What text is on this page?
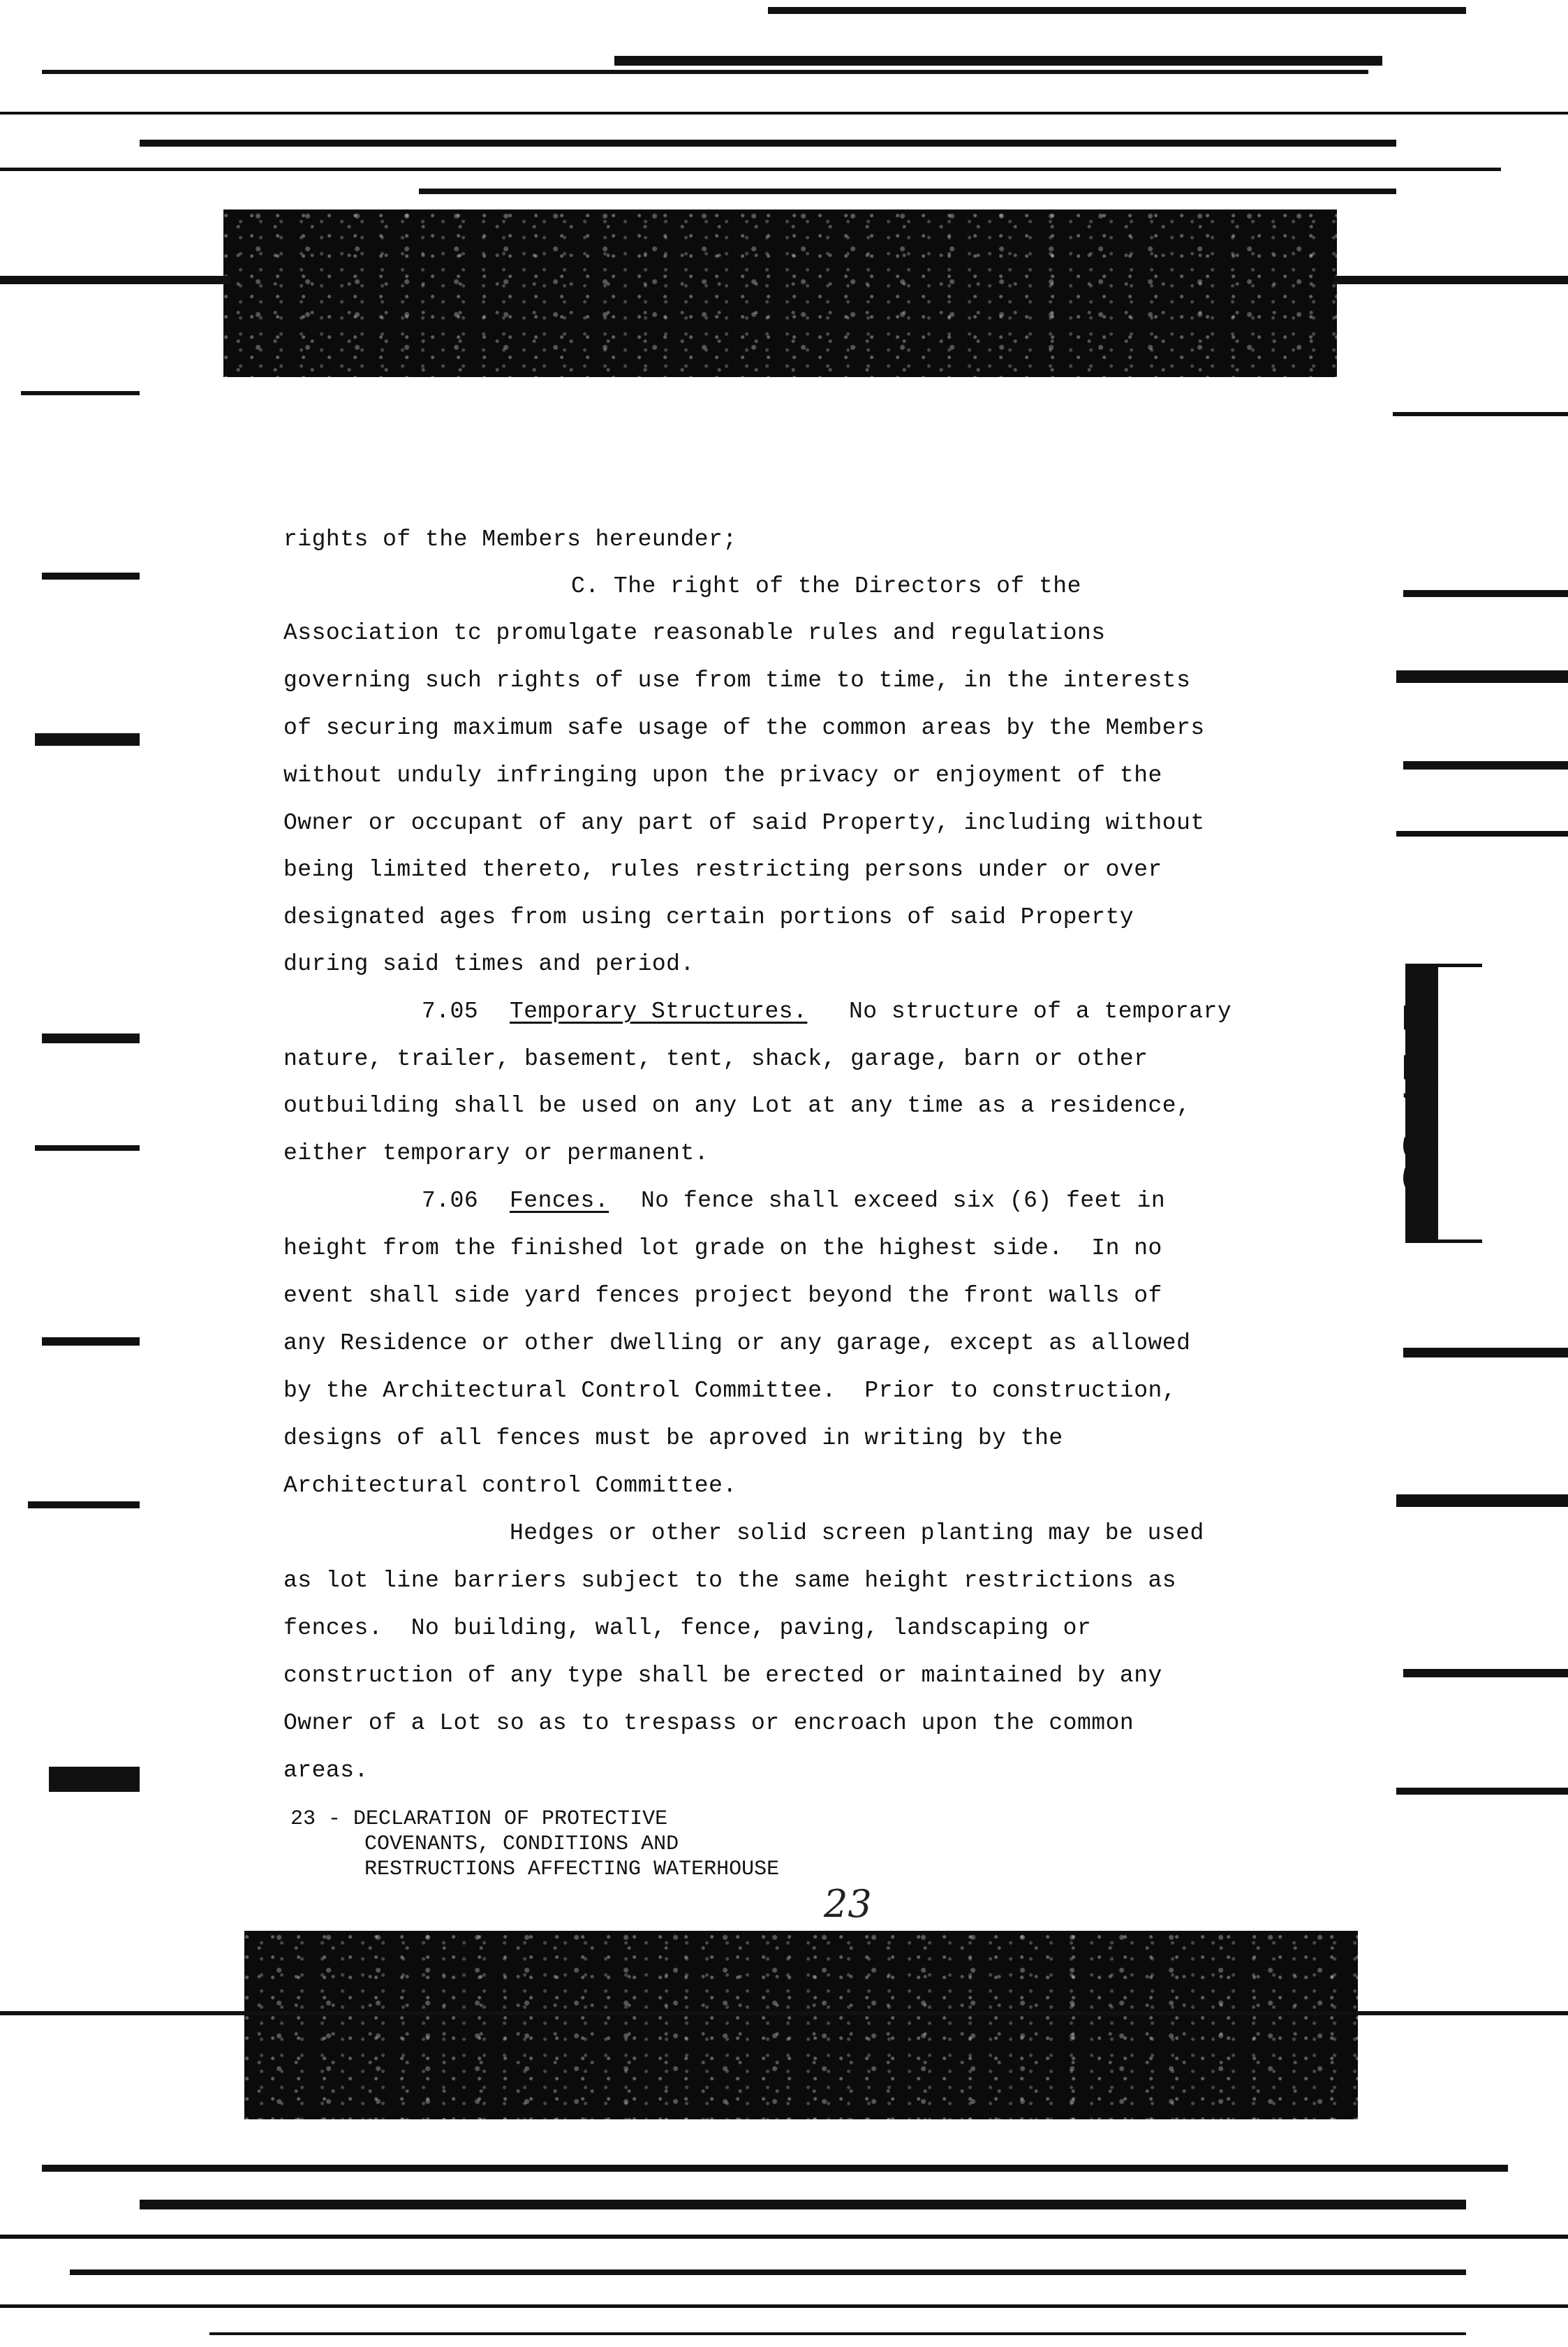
2-27-95
rights of the Members hereunder;
C. The right of the Directors of the
Association tc promulgate reasonable rules and regulations
governing such rights of use from time to time, in the interests
of securing maximum safe usage of the common areas by the Members
without unduly infringing upon the privacy or enjoyment of the
Owner or occupant of any part of said Property, including without
being limited thereto, rules restricting persons under or over
designated ages from using certain portions of said Property
during said times and period.
7.05 Temporary Structures. No structure of a temporary
nature, trailer, basement, tent, shack, garage, barn or other
outbuilding shall be used on any Lot at any time as a residence,
either temporary or permanent.
7.06 Fences. No fence shall exceed six (6) feet in
height from the finished lot grade on the highest side.  In no
event shall side yard fences project beyond the front walls of
any Residence or other dwelling or any garage, except as allowed
by the Architectural Control Committee.  Prior to construction,
designs of all fences must be aproved in writing by the
Architectural control Committee.
Hedges or other solid screen planting may be used
as lot line barriers subject to the same height restrictions as
fences.  No building, wall, fence, paving, landscaping or
construction of any type shall be erected or maintained by any
Owner of a Lot so as to trespass or encroach upon the common
areas.
23 - DECLARATION OF PROTECTIVE
COVENANTS, CONDITIONS AND
RESTRUCTIONS AFFECTING WATERHOUSE
23
